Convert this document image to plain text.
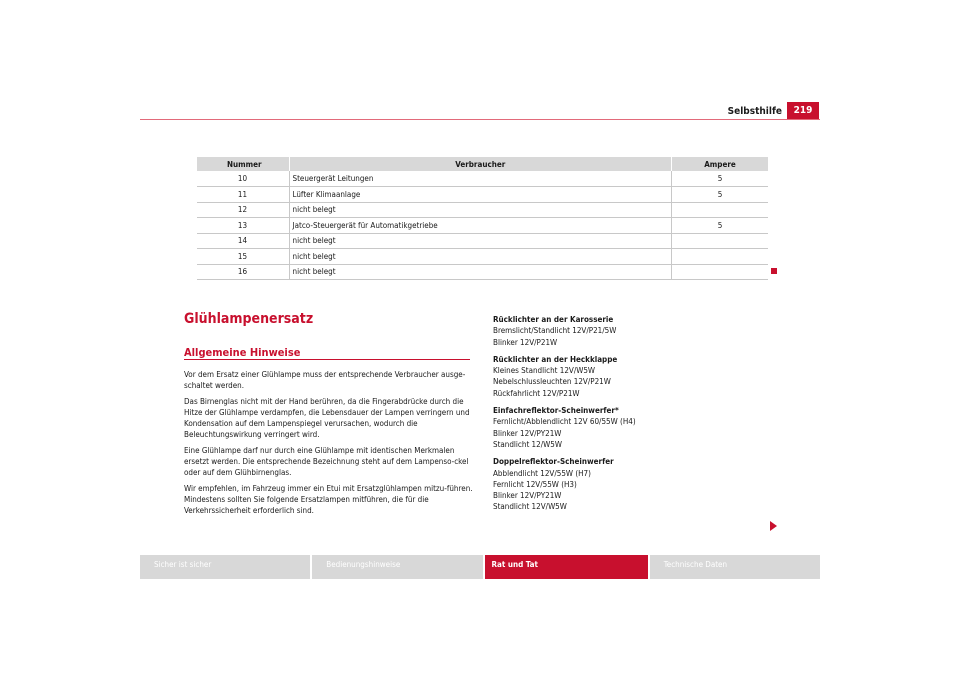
Selbsthilfe	219
Nummer	Verbraucher	Ampere
10	Steuergerät Leitungen	5
11	Lüfter Klimaanlage	5
12	nicht belegt	
13	Jatco-Steuergerät für Automatikgetriebe	5
14	nicht belegt	
15	nicht belegt	
16	nicht belegt	
Glühlampenersatz
Allgemeine Hinweise

Vor dem Ersatz einer Glühlampe muss der entsprechende Verbraucher ausge-schaltet werden.

Das Birnenglas nicht mit der Hand berühren, da die Fingerabdrücke durch die Hitze der Glühlampe verdampfen, die Lebensdauer der Lampen verringern und Kondensation auf dem Lampenspiegel verursachen, wodurch die Beleuchtungswirkung verringert wird.

Eine Glühlampe darf nur durch eine Glühlampe mit identischen Merkmalen ersetzt werden. Die entsprechende Bezeichnung steht auf dem Lampenso-ckel oder auf dem Glühbirnenglas.

Wir empfehlen, im Fahrzeug immer ein Etui mit Ersatzglühlampen mitzu-führen. Mindestens sollten Sie folgende Ersatzlampen mitführen, die für die Verkehrssicherheit erforderlich sind.

Rücklichter an der Karosserie
Bremslicht/Standlicht 12V/P21/5W
Blinker 12V/P21W
Rücklichter an der Heckklappe
Kleines Standlicht 12V/W5W
Nebelschlussleuchten 12V/P21W
Rückfahrlicht 12V/P21W
Einfachreflektor-Scheinwerfer*
Fernlicht/Abblendlicht 12V 60/55W (H4)
Blinker 12V/PY21W
Standlicht 12/W5W
Doppelreflektor-Scheinwerfer
Abblendlicht 12V/55W (H7)
Fernlicht 12V/55W (H3)
Blinker 12V/PY21W
Standlicht 12V/W5W
Sicher ist sicher	Bedienungshinweise	Rat und Tat	Technische Daten
